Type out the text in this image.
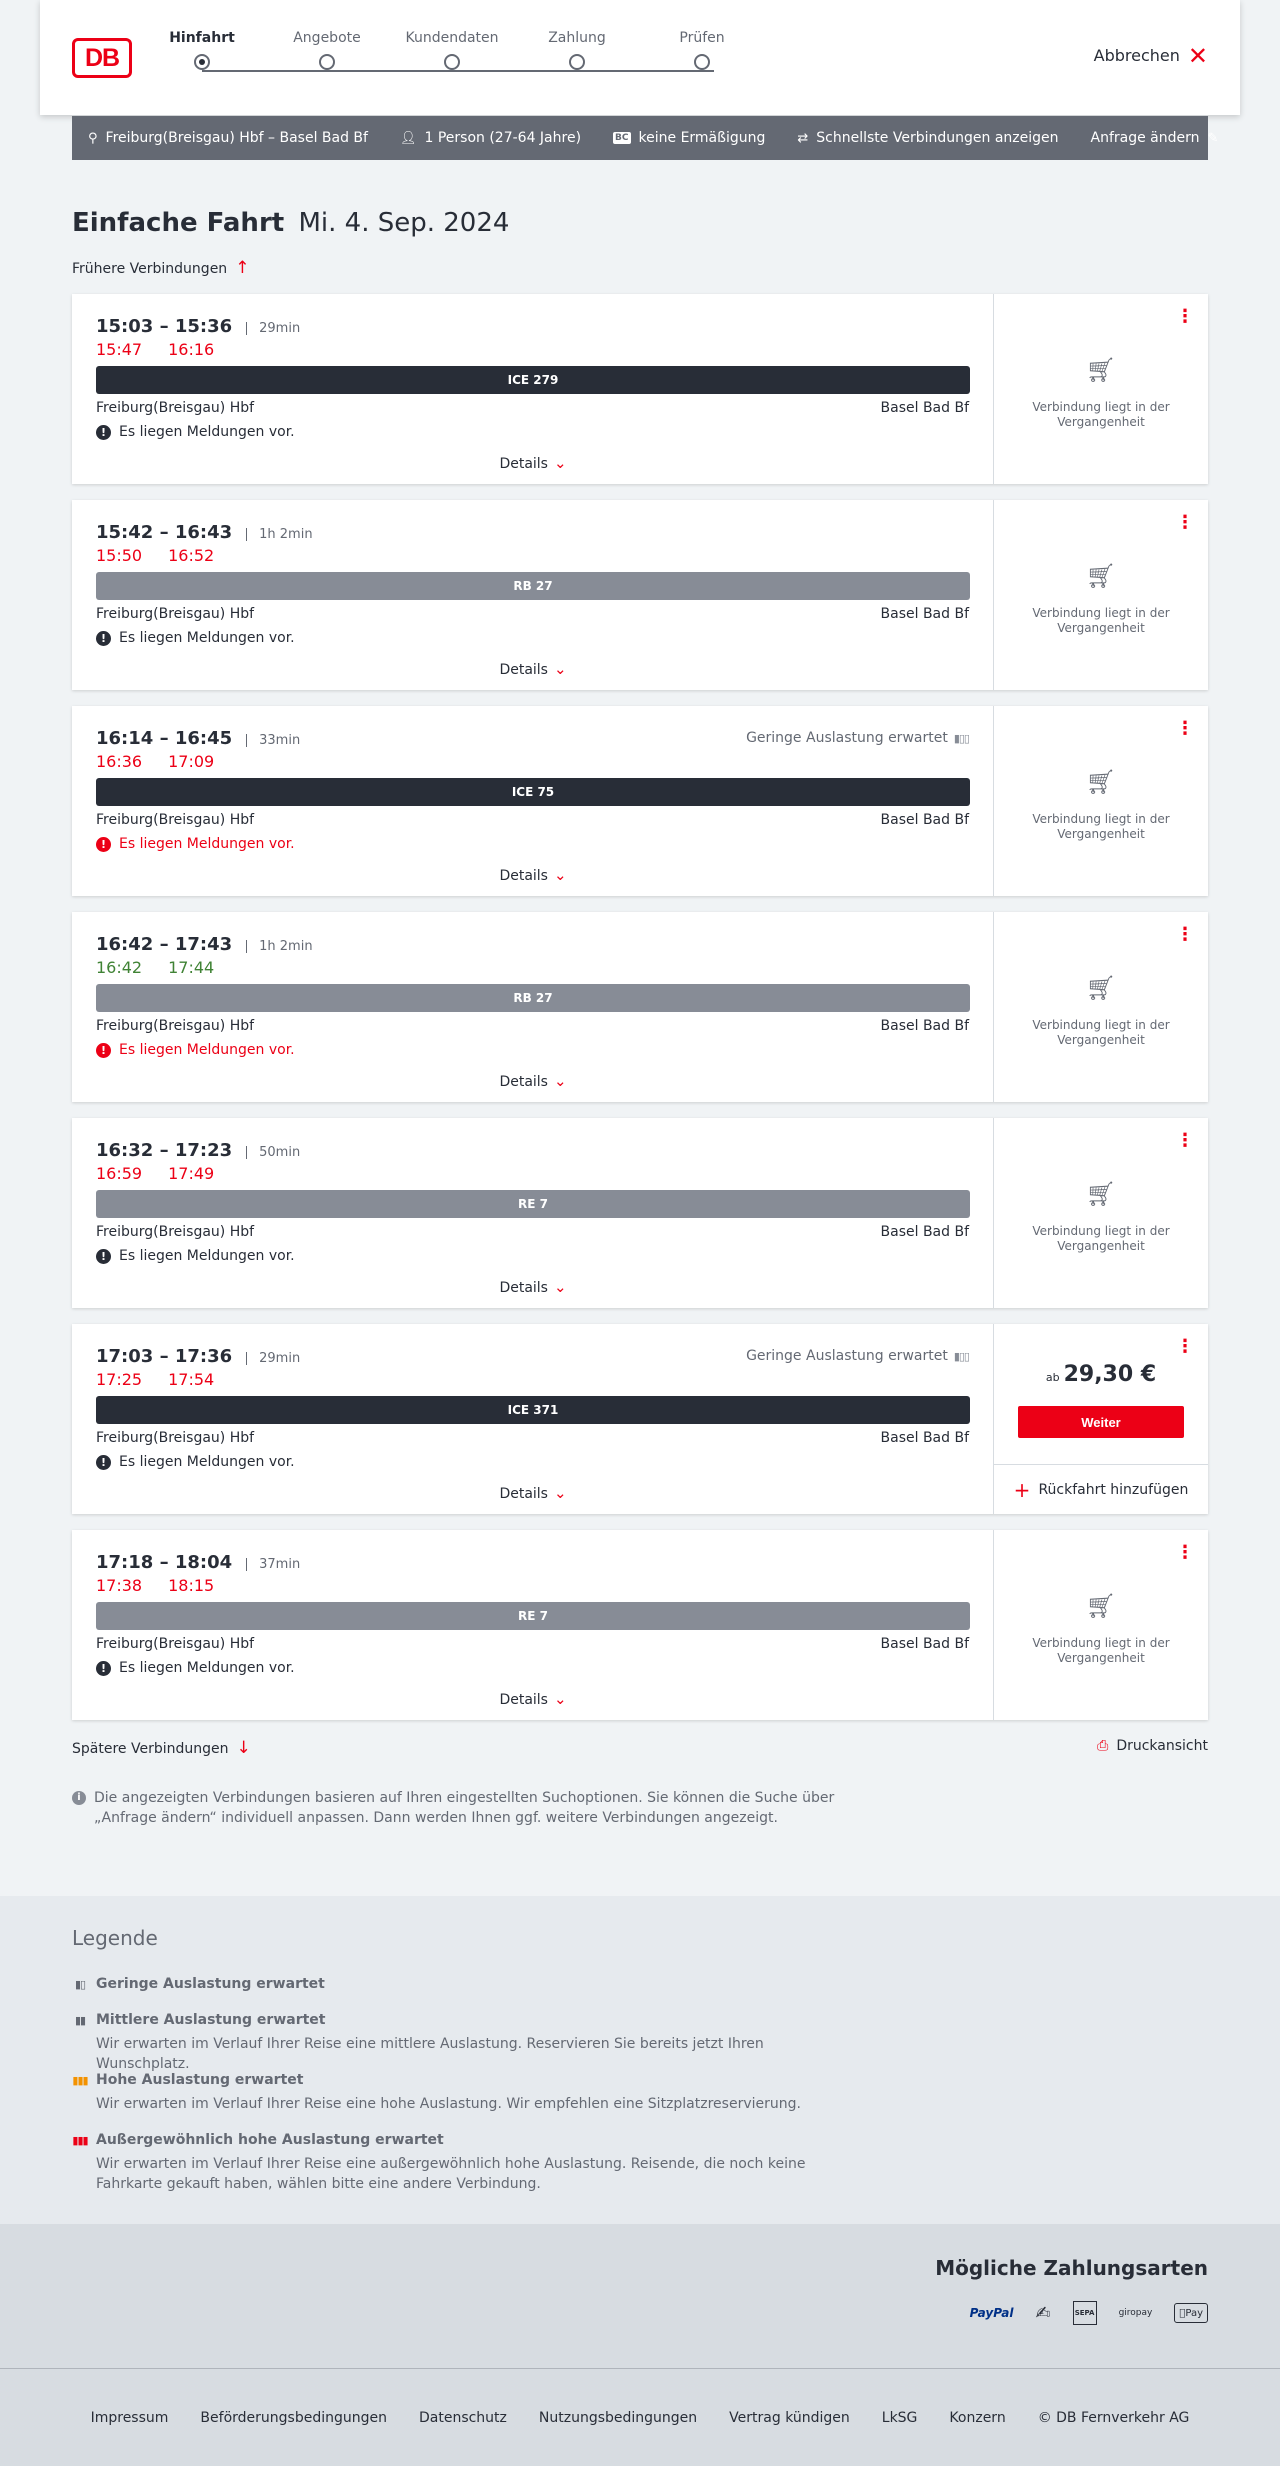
DB
Hinfahrt	Angebote	Kundendaten	Zahlung	Prüfen
Abbrechen ✕
⚲ Freiburg(Breisgau) Hbf – Basel Bad Bf 👤︎ 1 Person (27-64 Jahre)	BC keine Ermäßigung ⇄ Schnellste Verbindungen anzeigen Anfrage ändern ✎
Einfache Fahrt Mi. 4. Sep. 2024
Frühere Verbindungen ↑
15:03 – 15:36	29min
15:47 16:16
ICE 279
Freiburg(Breisgau) Hbf	Basel Bad Bf
! Es liegen Meldungen vor.
Details ⌄
⋮
🛒︎
Verbindung liegt in der Vergangenheit
15:42 – 16:43	1h 2min
15:50 16:52
RB 27
Freiburg(Breisgau) Hbf	Basel Bad Bf
! Es liegen Meldungen vor.
Details ⌄
⋮
🛒︎
Verbindung liegt in der Vergangenheit
16:14 – 16:45	33min	Geringe Auslastung erwartet ▮▯▯
16:36 17:09
ICE 75
Freiburg(Breisgau) Hbf	Basel Bad Bf
! Es liegen Meldungen vor.
Details ⌄
⋮
🛒︎
Verbindung liegt in der Vergangenheit
16:42 – 17:43	1h 2min
16:42 17:44
RB 27
Freiburg(Breisgau) Hbf	Basel Bad Bf
! Es liegen Meldungen vor.
Details ⌄
⋮
🛒︎
Verbindung liegt in der Vergangenheit
16:32 – 17:23	50min
16:59 17:49
RE 7
Freiburg(Breisgau) Hbf	Basel Bad Bf
! Es liegen Meldungen vor.
Details ⌄
⋮
🛒︎
Verbindung liegt in der Vergangenheit
17:03 – 17:36	29min	Geringe Auslastung erwartet ▮▯▯
17:25 17:54
ICE 371
Freiburg(Breisgau) Hbf	Basel Bad Bf
! Es liegen Meldungen vor.
Details ⌄
⋮
ab 29,30 €
Weiter
+ Rückfahrt hinzufügen
17:18 – 18:04	37min
17:38 18:15
RE 7
Freiburg(Breisgau) Hbf	Basel Bad Bf
! Es liegen Meldungen vor.
Details ⌄
⋮
🛒︎
Verbindung liegt in der Vergangenheit
Spätere Verbindungen ↓	⎙ Druckansicht
i Die angezeigten Verbindungen basieren auf Ihren eingestellten Suchoptionen. Sie können die Suche über „Anfrage ändern“ individuell anpassen. Dann werden Ihnen ggf. weitere Verbindungen angezeigt.
Legende
▮▯ Geringe Auslastung erwartet
▮▮ Mittlere Auslastung erwartet
Wir erwarten im Verlauf Ihrer Reise eine mittlere Auslastung. Reservieren Sie bereits jetzt Ihren Wunschplatz.
▮▮▮ Hohe Auslastung erwartet
Wir erwarten im Verlauf Ihrer Reise eine hohe Auslastung. Wir empfehlen eine Sitzplatzreservierung.
▮▮▮ Außergewöhnlich hohe Auslastung erwartet
Wir erwarten im Verlauf Ihrer Reise eine außergewöhnlich hohe Auslastung. Reisende, die noch keine Fahrkarte gekauft haben, wählen bitte eine andere Verbindung.
Mögliche Zahlungsarten
PayPal	✍	SEPA	giropay	Pay
Impressum Beförderungsbedingungen Datenschutz Nutzungsbedingungen Vertrag kündigen LkSG Konzern © DB Fernverkehr AG
